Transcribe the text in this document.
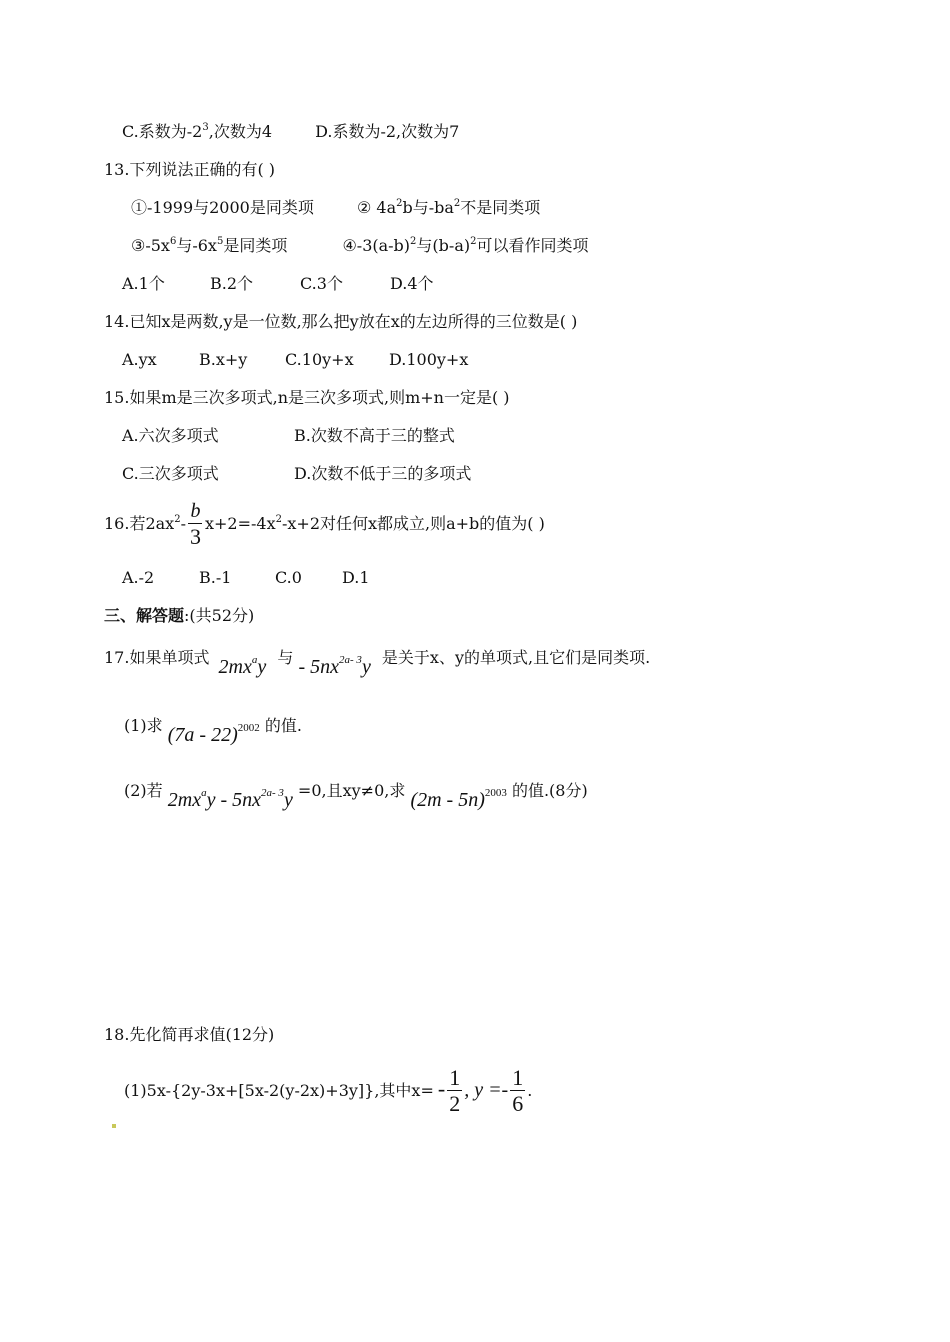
C.系数为$-2^3$,次数为4	D.系数为-2,次数为7
13.下列说法正确的有( )
①-1999与2000是同类项	② $4a^2b$与$-ba^2$不是同类项
$③-5x^6$与$-6x^5$是同类项	$④-3(a-b)^2$与$(b-a)^2$可以看作同类项
A.1个	B.2个	C.3个	D.4个
14.已知x是两数,y是一位数,那么把y放在x的左边所得的三位数是( )
A.yx	B.x+y C.10y+x D.100y+x
15.如果m是三次多项式,n是三次多项式,则m+n一定是( )
A.六次多项式	B.次数不高于三的整式
C.三次多项式	D.次数不低于三的多项式
16.若$2ax^2- \frac{b}{3} x+2=-4x^2-x+2$对任何x都成立,则a+b的值为( )
A.-2	B.-1	C.0	D.1
三、解答题:(共52分)
17.如果单项式 $2mx^ay$ 与 - $5nx^{2a- 3}y$ 是关于x、y的单项式,且它们是同类项.
(1)求 (7a - 22)$^{2002}$ 的值.
(2)若 $2mx^ay - 5nx^{2a- 3}y =0$,且xy≠0,求 (2m - 5n)$^{2003}$ 的值.(8分)
18.先化简再求值(12分)
(1)5x-{2y-3x+[5x-2(y-2x)+3y]},其中$x= - \frac{1}{2}$ , $y =- \frac{1}{6}$ .
